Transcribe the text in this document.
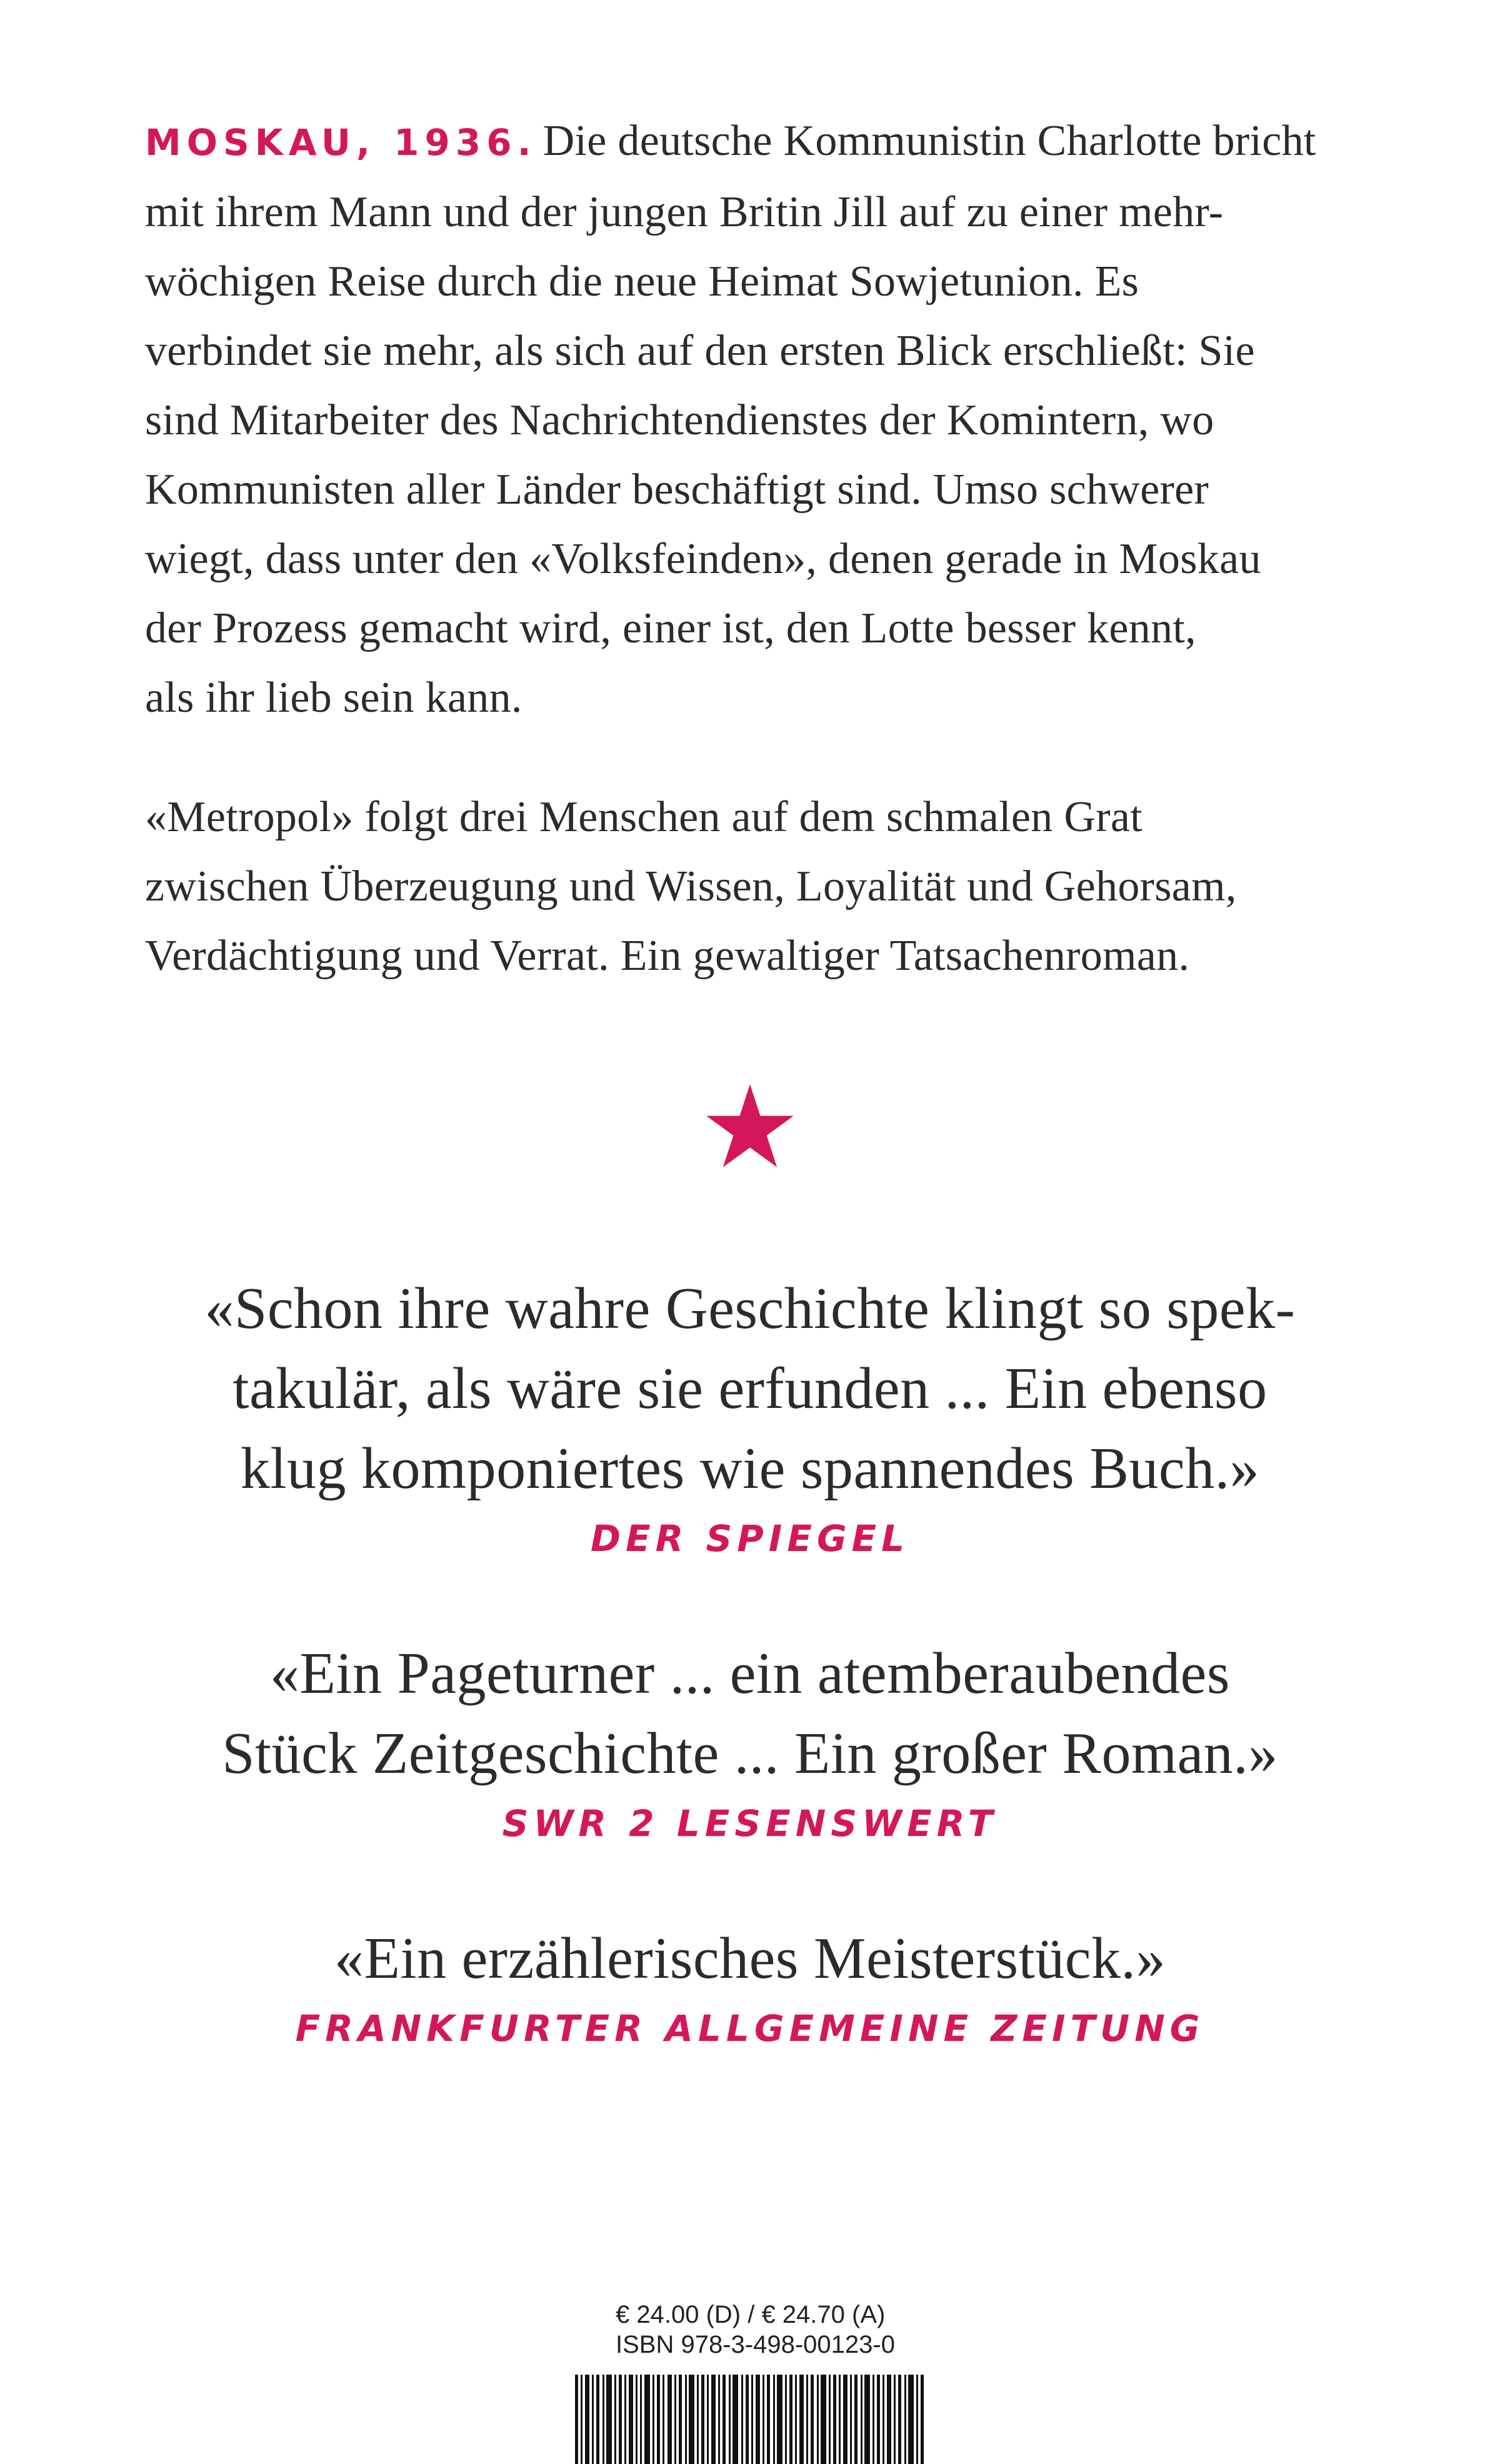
MOSKAU, 1936. Die deutsche Kommunistin Charlotte bricht
mit ihrem Mann und der jungen Britin Jill auf zu einer mehr-
wöchigen Reise durch die neue Heimat Sowjetunion. Es
verbindet sie mehr, als sich auf den ersten Blick erschließt: Sie
sind Mitarbeiter des Nachrichtendienstes der Komintern, wo
Kommunisten aller Länder beschäftigt sind. Umso schwerer
wiegt, dass unter den «Volksfeinden», denen gerade in Moskau
der Prozess gemacht wird, einer ist, den Lotte besser kennt,
als ihr lieb sein kann.

«Metropol» folgt drei Menschen auf dem schmalen Grat
zwischen Überzeugung und Wissen, Loyalität und Gehorsam,
Verdächtigung und Verrat. Ein gewaltiger Tatsachenroman.

«Schon ihre wahre Geschichte klingt so spek-
takulär, als wäre sie erfunden ... Ein ebenso
klug komponiertes wie spannendes Buch.»

DER SPIEGEL

«Ein Pageturner ... ein atemberaubendes
Stück Zeitgeschichte ... Ein großer Roman.»

SWR 2 LESENSWERT

«Ein erzählerisches Meisterstück.»

FRANKFURTER ALLGEMEINE ZEITUNG
€ 24.00 (D) / € 24.70 (A)
ISBN 978-3-498-00123-0
